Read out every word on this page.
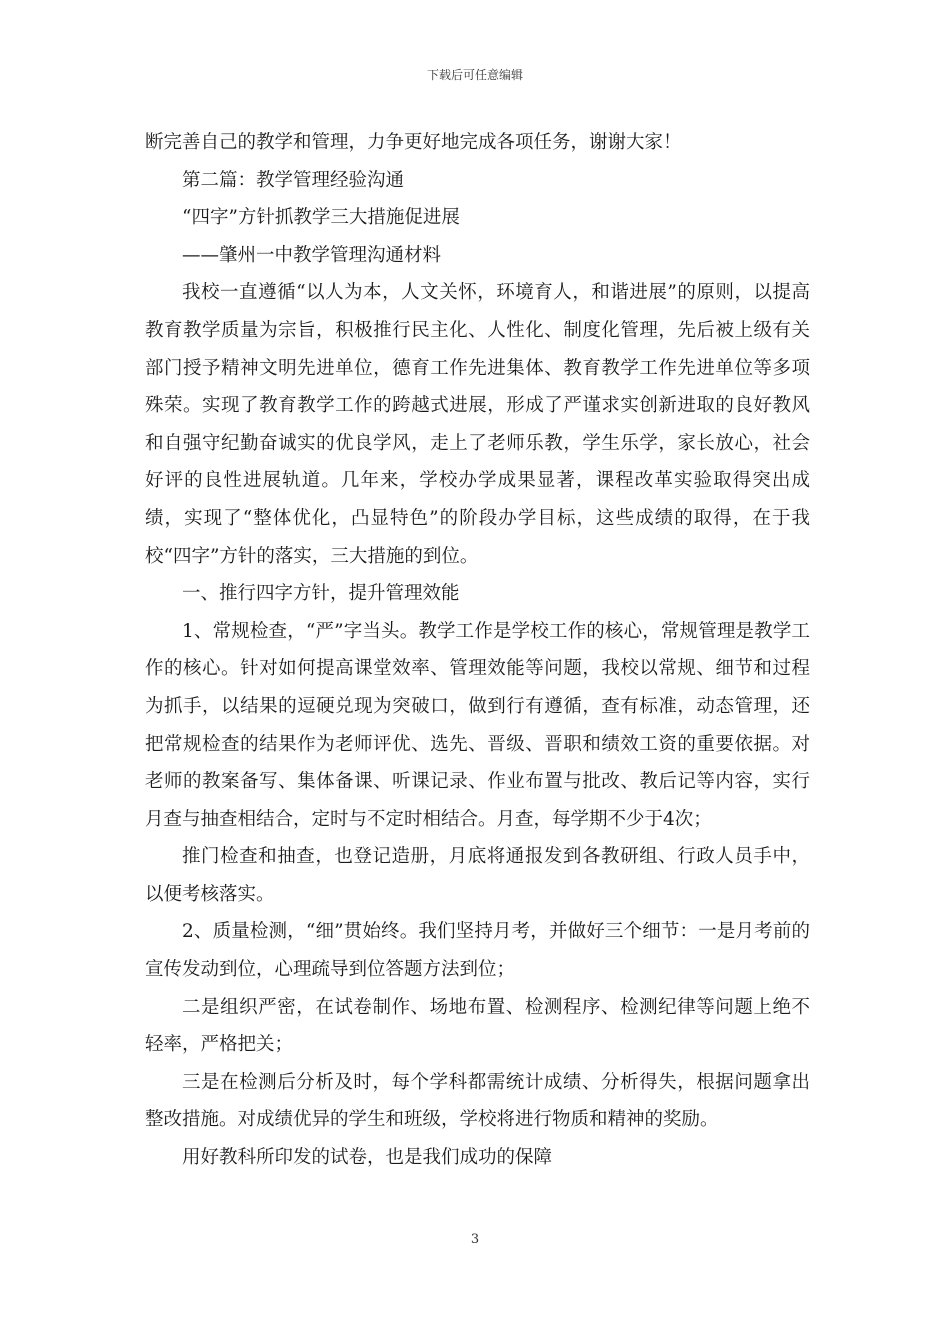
下载后可任意编辑

断完善自己的教学和管理，力争更好地完成各项任务，谢谢大家！

第二篇：教学管理经验沟通

“四字”方针抓教学三大措施促进展

——肇州一中教学管理沟通材料

我校一直遵循“以人为本，人文关怀，环境育人，和谐进展”的原则，以提高教育教学质量为宗旨，积极推行民主化、人性化、制度化管理，先后被上级有关部门授予精神文明先进单位，德育工作先进集体、教育教学工作先进单位等多项殊荣。实现了教育教学工作的跨越式进展，形成了严谨求实创新进取的良好教风和自强守纪勤奋诚实的优良学风，走上了老师乐教，学生乐学，家长放心，社会好评的良性进展轨道。几年来，学校办学成果显著，课程改革实验取得突出成绩，实现了“整体优化，凸显特色”的阶段办学目标，这些成绩的取得，在于我校“四字”方针的落实，三大措施的到位。

一、推行四字方针，提升管理效能

1、常规检查，“严”字当头。教学工作是学校工作的核心，常规管理是教学工作的核心。针对如何提高课堂效率、管理效能等问题，我校以常规、细节和过程为抓手，以结果的逗硬兑现为突破口，做到行有遵循，查有标准，动态管理，还把常规检查的结果作为老师评优、选先、晋级、晋职和绩效工资的重要依据。对老师的教案备写、集体备课、听课记录、作业布置与批改、教后记等内容，实行月查与抽查相结合，定时与不定时相结合。月查，每学期不少于4次；

推门检查和抽查，也登记造册，月底将通报发到各教研组、行政人员手中，以便考核落实。

2、质量检测，“细”贯始终。我们坚持月考，并做好三个细节：一是月考前的宣传发动到位，心理疏导到位答题方法到位；

二是组织严密，在试卷制作、场地布置、检测程序、检测纪律等问题上绝不轻率，严格把关；

三是在检测后分析及时，每个学科都需统计成绩、分析得失，根据问题拿出整改措施。对成绩优异的学生和班级，学校将进行物质和精神的奖励。

用好教科所印发的试卷，也是我们成功的保障

3
